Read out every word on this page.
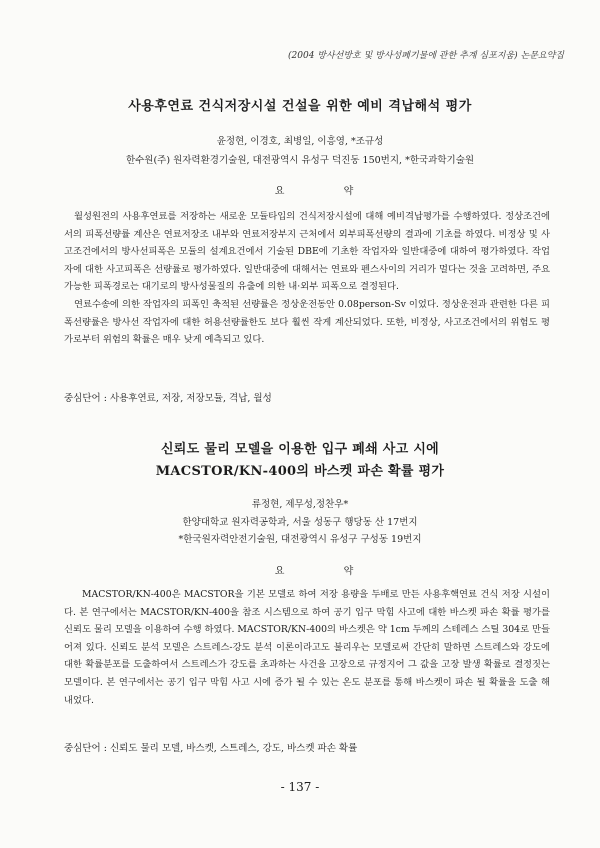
(2004 방사선방호 및 방사성폐기물에 관한 추계 심포지움) 논문요약집
사용후연료 건식저장시설 건설을 위한 예비 격납해석 평가
윤정현, 이경호, 최병일, 이흥영, *조규성
한수원(주) 원자력환경기술원, 대전광역시 유성구 덕진동 150번지, *한국과학기술원
요 약

월성원전의 사용후연료를 저장하는 새로운 모듈타입의 건식저장시설에 대해 예비격납평가를 수행하였다. 정상조건에서의 피폭선량률 계산은 연료저장조 내부와 연료저장부지 근처에서 외부피폭선량의 결과에 기초를 하였다. 비정상 및 사고조건에서의 방사선피폭은 모듈의 설계요건에서 기술된 DBE에 기초한 작업자와 일반대중에 대하여 평가하였다. 작업자에 대한 사고피폭은 선량률로 평가하였다. 일반대중에 대해서는 연료와 펜스사이의 거리가 멀다는 것을 고려하면, 주요 가능한 피폭경로는 대기로의 방사성물질의 유출에 의한 내·외부 피폭으로 결정된다.

연료수송에 의한 작업자의 피폭인 축적된 선량률은 정상운전동안 0.08person-Sv 이었다. 정상운전과 관련한 다른 피폭선량률은 방사선 작업자에 대한 허용선량률한도 보다 훨씬 작게 계산되었다. 또한, 비정상, 사고조건에서의 위험도 평가로부터 위험의 확률은 매우 낮게 예측되고 있다.

중심단어 : 사용후연료, 저장, 저장모듈, 격납, 월성
신뢰도 물리 모델을 이용한 입구 폐쇄 사고 시에
MACSTOR/KN-400의 바스켓 파손 확률 평가
류정현, 제무성,정찬우*
한양대학교 원자력공학과, 서울 성동구 행당동 산 17번지
*한국원자력안전기술원, 대전광역시 유성구 구성동 19번지
요 약

MACSTOR/KN-400은 MACSTOR을 기본 모델로 하여 저장 용량을 두배로 만든 사용후핵연료 건식 저장 시설이다. 본 연구에서는 MACSTOR/KN-400을 참조 시스템으로 하여 공기 입구 막힘 사고에 대한 바스켓 파손 확률 평가를 신뢰도 물리 모델을 이용하여 수행 하였다. MACSTOR/KN-400의 바스켓은 약 1cm 두께의 스테레스 스틸 304로 만들어져 있다. 신뢰도 분석 모델은 스트레스-강도 분석 이론이라고도 불리우는 모델로써 간단히 말하면 스트레스와 강도에 대한 확률분포를 도출하여서 스트레스가 강도를 초과하는 사건을 고장으로 규정지어 그 값을 고장 발생 확률로 결정짓는 모델이다. 본 연구에서는 공기 입구 막힘 사고 시에 증가 될 수 있는 온도 분포를 통해 바스켓이 파손 될 확률을 도출 해 내었다.

중심단어 : 신뢰도 물리 모델, 바스켓, 스트레스, 강도, 바스켓 파손 확률
- 137 -
